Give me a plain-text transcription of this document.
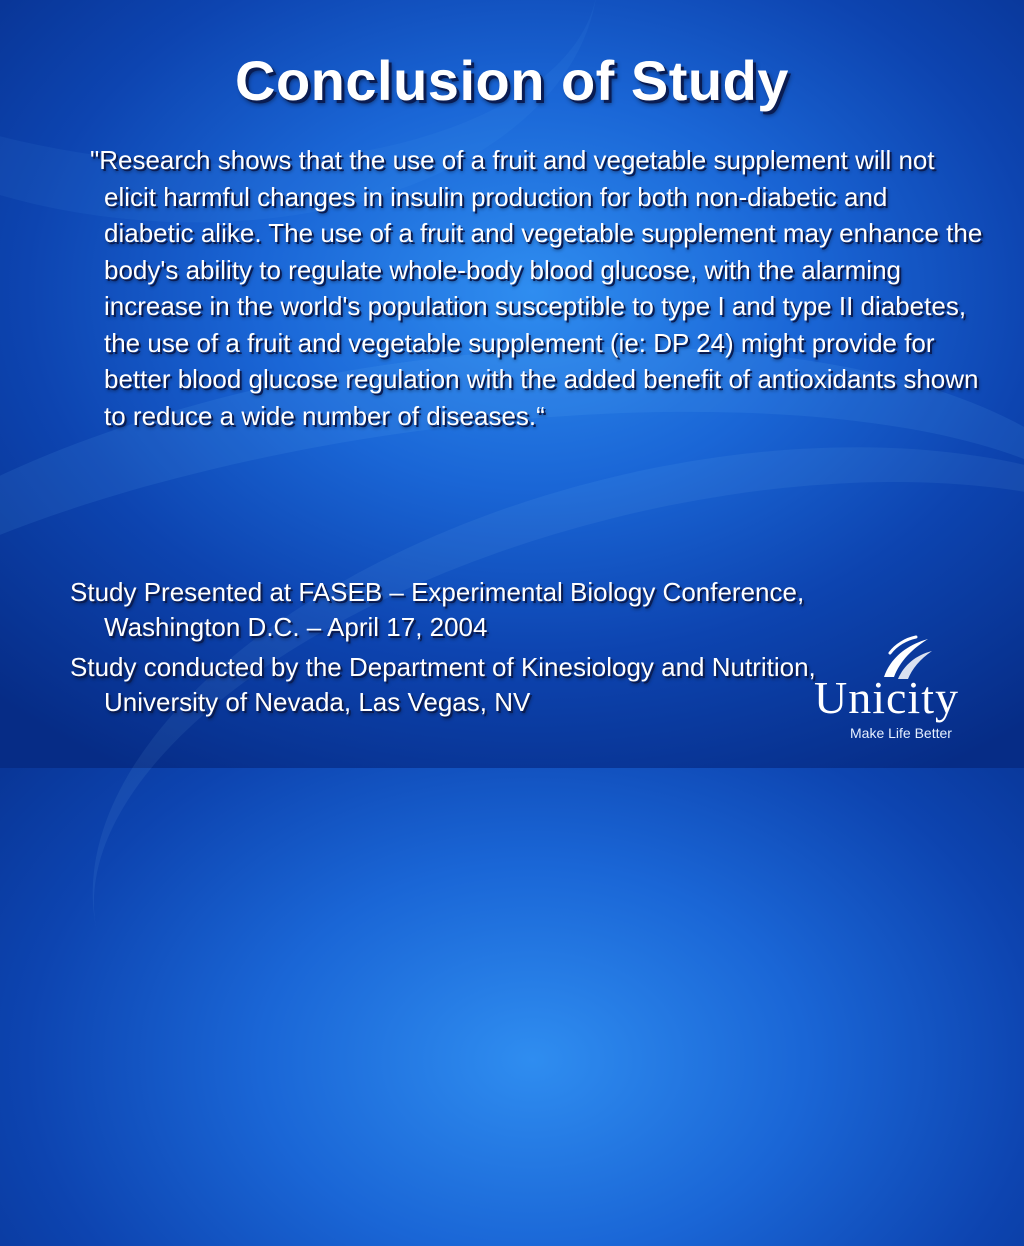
Conclusion of Study

"Research shows that the use of a fruit and vegetable supplement will not elicit harmful changes in insulin production for both non-diabetic and diabetic alike. The use of a fruit and vegetable supplement may enhance the body's ability to regulate whole-body blood glucose, with the alarming increase in the world's population susceptible to type I and type II diabetes, the use of a fruit and vegetable supplement (ie: DP 24) might provide for better blood glucose regulation with the added benefit of antioxidants shown to reduce a wide number of diseases.“

Study Presented at FASEB – Experimental Biology Conference, Washington D.C. – April 17, 2004
Study conducted by the Department of Kinesiology and Nutrition, University of Nevada, Las Vegas, NV	Unicity
Make Life Better
